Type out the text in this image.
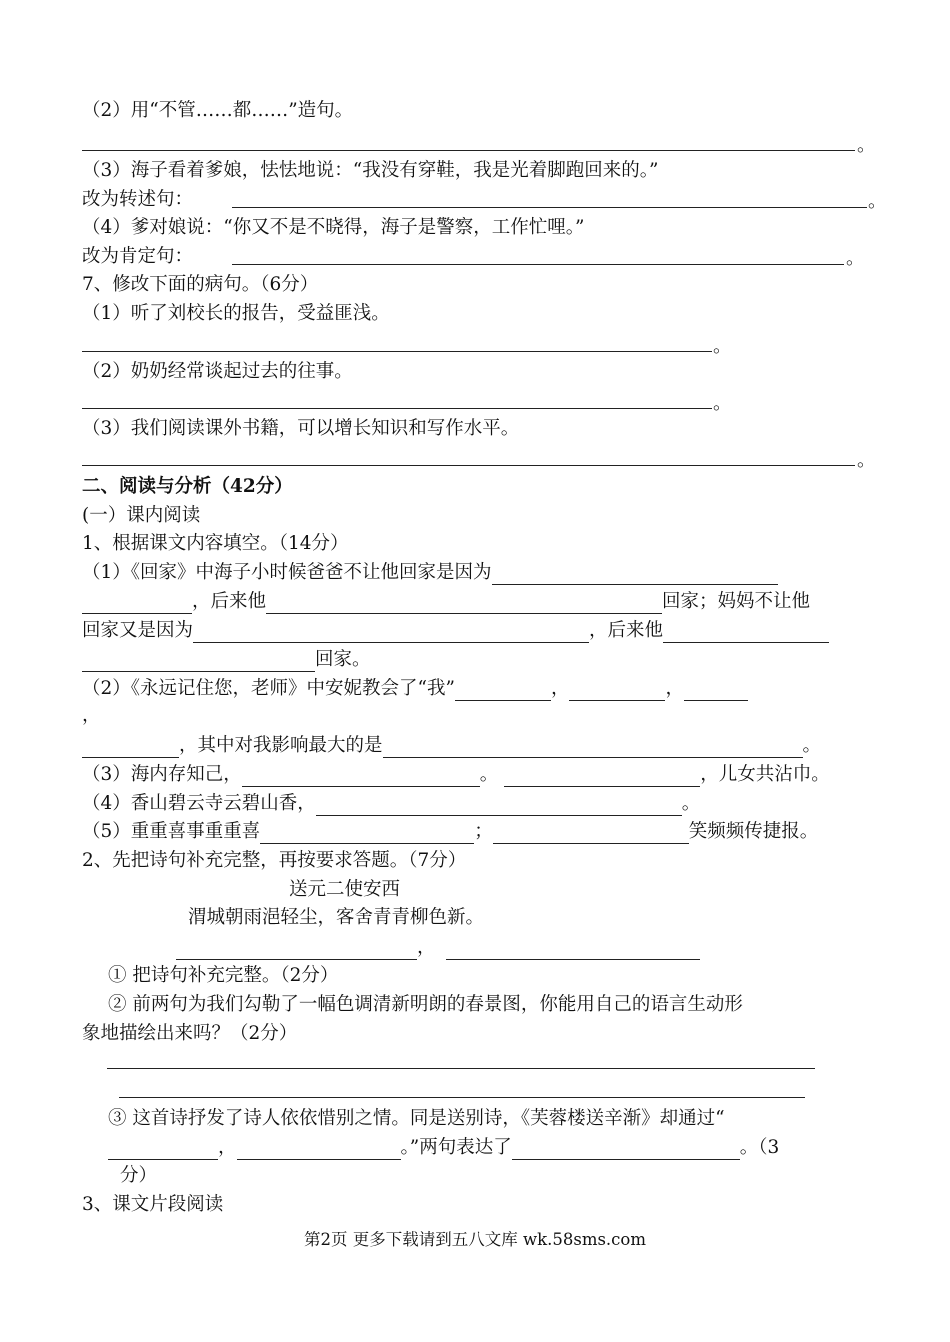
（2）用“不管……都……”造句。
。
（3）海子看着爹娘，怯怯地说：“我没有穿鞋，我是光着脚跑回来的。”
改为转述句：	。
（4）爹对娘说：“你又不是不晓得，海子是警察，工作忙哩。”
改为肯定句：	。
7、修改下面的病句。（6分）
（1）听了刘校长的报告，受益匪浅。
。
（2）奶奶经常谈起过去的往事。
。
（3）我们阅读课外书籍，可以增长知识和写作水平。
。
二、阅读与分析（42分）
(一）课内阅读
1、根据课文内容填空。（14分）
（1）《回家》中海子小时候爸爸不让他回家是因为
，后来他	回家；妈妈不让他
回家又是因为	，后来他
回家。
（2）《永远记住您，老师》中安妮教会了“我”	，	，
，
，其中对我影响最大的是	。
（3）海内存知己，	。	，儿女共沾巾。
（4）香山碧云寺云碧山香，	。
（5）重重喜事重重喜	；	笑频频传捷报。
2、先把诗句补充完整，再按要求答题。（7分）
送元二使安西
渭城朝雨浥轻尘，客舍青青柳色新。
，
① 把诗句补充完整。（2分）
② 前两句为我们勾勒了一幅色调清新明朗的春景图，你能用自己的语言生动形
象地描绘出来吗？（2分）
③ 这首诗抒发了诗人依依惜别之情。同是送别诗，《芙蓉楼送辛渐》却通过“
，	。”两句表达了	。（3
分）
3、课文片段阅读
第2页 更多下载请到五八文库 wk.58sms.com
